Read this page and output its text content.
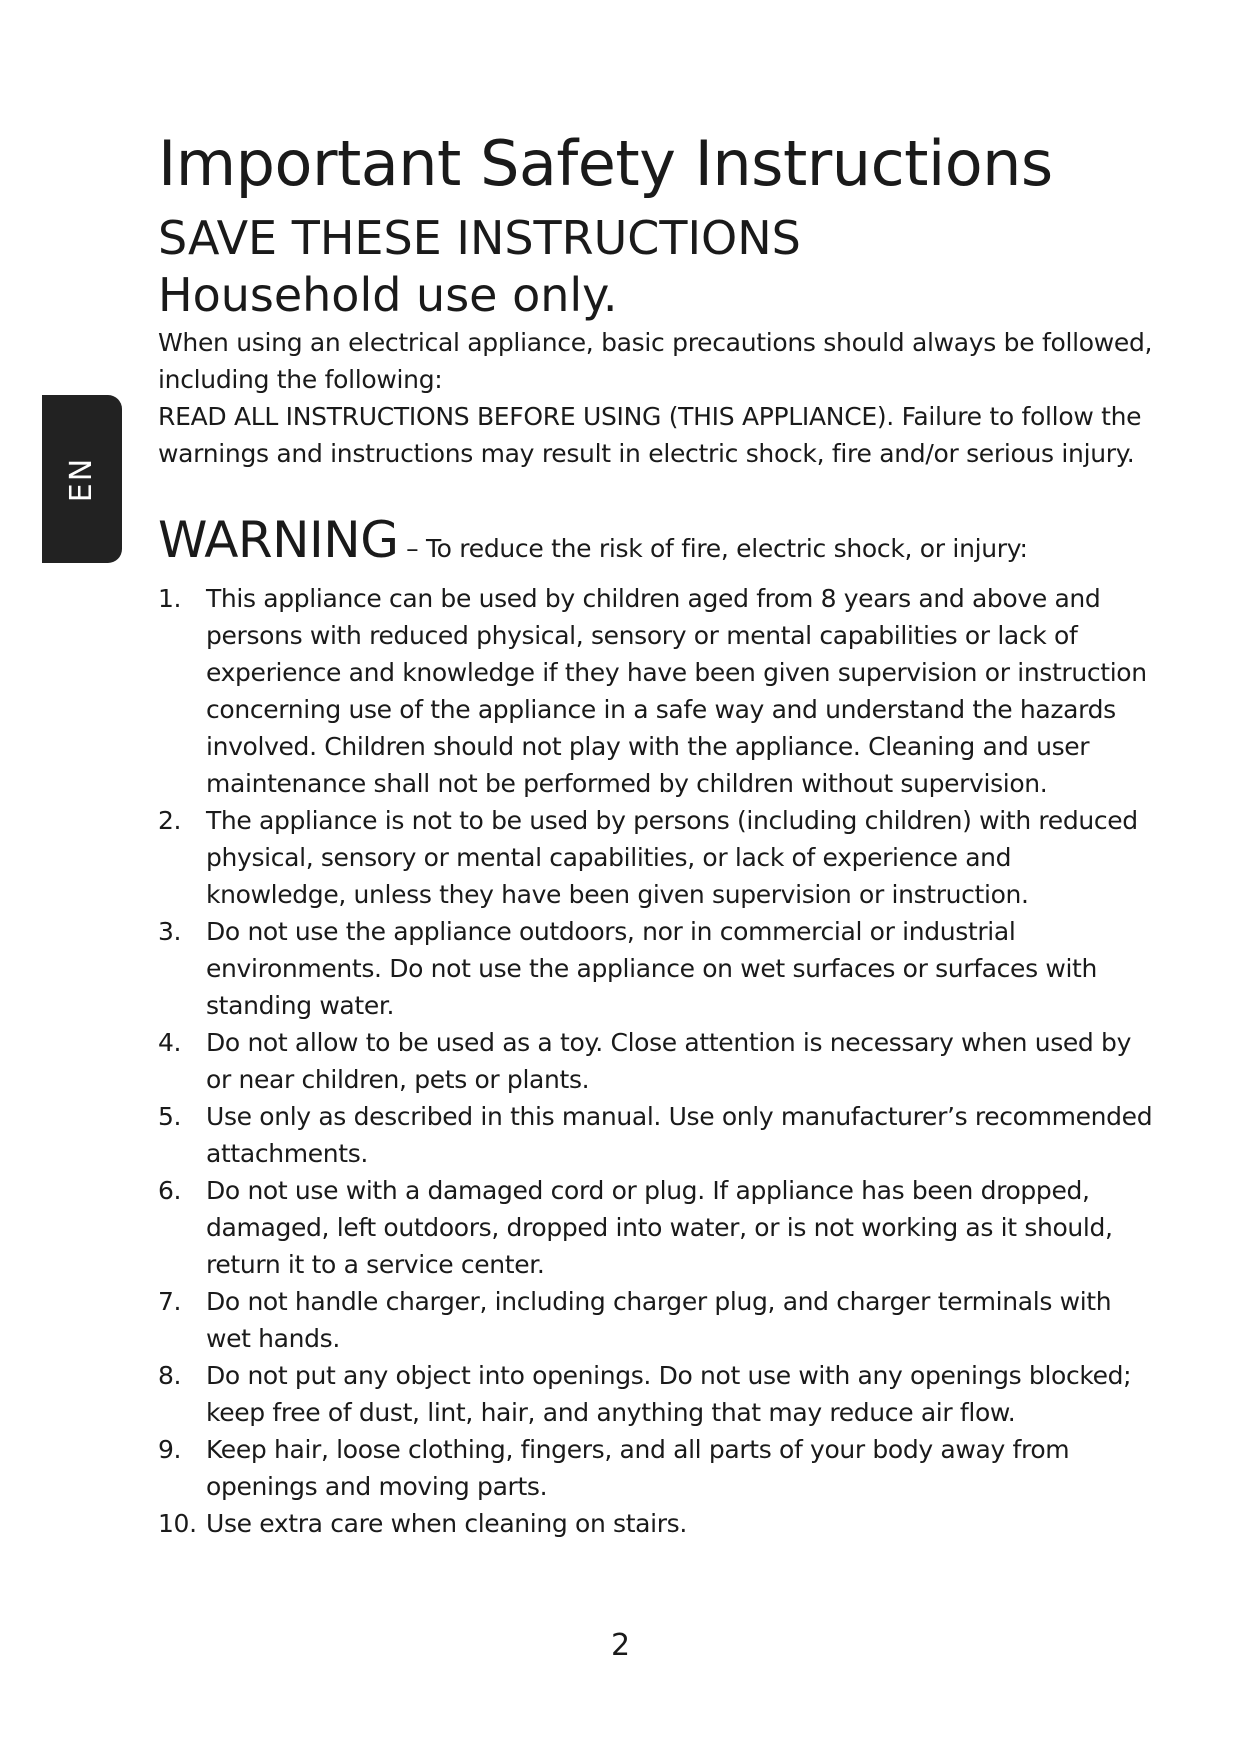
EN
Important Safety Instructions
SAVE THESE INSTRUCTIONS
Household use only.

When using an electrical appliance, basic precautions should always be followed, including the following:

READ ALL INSTRUCTIONS BEFORE USING (THIS APPLIANCE). Failure to follow the warnings and instructions may result in electric shock, fire and/or serious injury.

WARNING – To reduce the risk of fire, electric shock, or injury:
1. This appliance can be used by children aged from 8 years and above and persons with reduced physical, sensory or mental capabilities or lack of experience and knowledge if they have been given supervision or instruction concerning use of the appliance in a safe way and understand the hazards involved. Children should not play with the appliance. Cleaning and user maintenance shall not be performed by children without supervision.
2. The appliance is not to be used by persons (including children) with reduced physical, sensory or mental capabilities, or lack of experience and knowledge, unless they have been given supervision or instruction.
3. Do not use the appliance outdoors, nor in commercial or industrial environments. Do not use the appliance on wet surfaces or surfaces with standing water.
4. Do not allow to be used as a toy. Close attention is necessary when used by or near children, pets or plants.
5. Use only as described in this manual. Use only manufacturer’s recommended attachments.
6. Do not use with a damaged cord or plug. If appliance has been dropped, damaged, left outdoors, dropped into water, or is not working as it should, return it to a service center.
7. Do not handle charger, including charger plug, and charger terminals with wet hands.
8. Do not put any object into openings. Do not use with any openings blocked; keep free of dust, lint, hair, and anything that may reduce air flow.
9. Keep hair, loose clothing, fingers, and all parts of your body away from openings and moving parts.
10. Use extra care when cleaning on stairs.
2
